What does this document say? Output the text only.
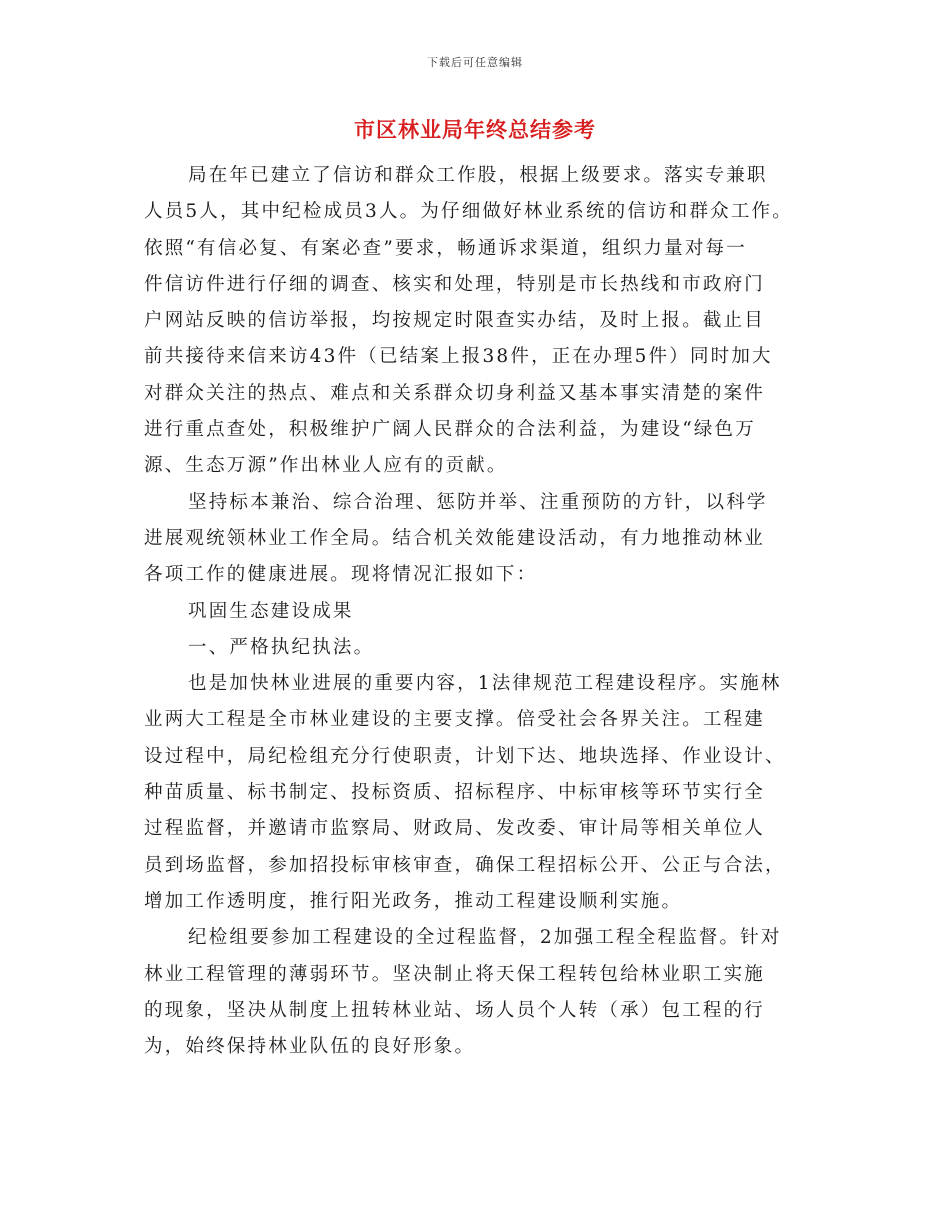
下载后可任意编辑
市区林业局年终总结参考
局在年已建立了信访和群众工作股，根据上级要求。落实专兼职
人员5人，其中纪检成员3人。为仔细做好林业系统的信访和群众工作。
依照“有信必复、有案必查”要求，畅通诉求渠道，组织力量对每一
件信访件进行仔细的调查、核实和处理，特别是市长热线和市政府门
户网站反映的信访举报，均按规定时限查实办结，及时上报。截止目
前共接待来信来访43件（已结案上报38件，正在办理5件）同时加大
对群众关注的热点、难点和关系群众切身利益又基本事实清楚的案件
进行重点查处，积极维护广阔人民群众的合法利益，为建设“绿色万
源、生态万源”作出林业人应有的贡献。
坚持标本兼治、综合治理、惩防并举、注重预防的方针，以科学
进展观统领林业工作全局。结合机关效能建设活动，有力地推动林业
各项工作的健康进展。现将情况汇报如下：
巩固生态建设成果
一、严格执纪执法。
也是加快林业进展的重要内容，1法律规范工程建设程序。实施林
业两大工程是全市林业建设的主要支撑。倍受社会各界关注。工程建
设过程中，局纪检组充分行使职责，计划下达、地块选择、作业设计、
种苗质量、标书制定、投标资质、招标程序、中标审核等环节实行全
过程监督，并邀请市监察局、财政局、发改委、审计局等相关单位人
员到场监督，参加招投标审核审查，确保工程招标公开、公正与合法，
增加工作透明度，推行阳光政务，推动工程建设顺利实施。
纪检组要参加工程建设的全过程监督，2加强工程全程监督。针对
林业工程管理的薄弱环节。坚决制止将天保工程转包给林业职工实施
的现象，坚决从制度上扭转林业站、场人员个人转（承）包工程的行
为，始终保持林业队伍的良好形象。
